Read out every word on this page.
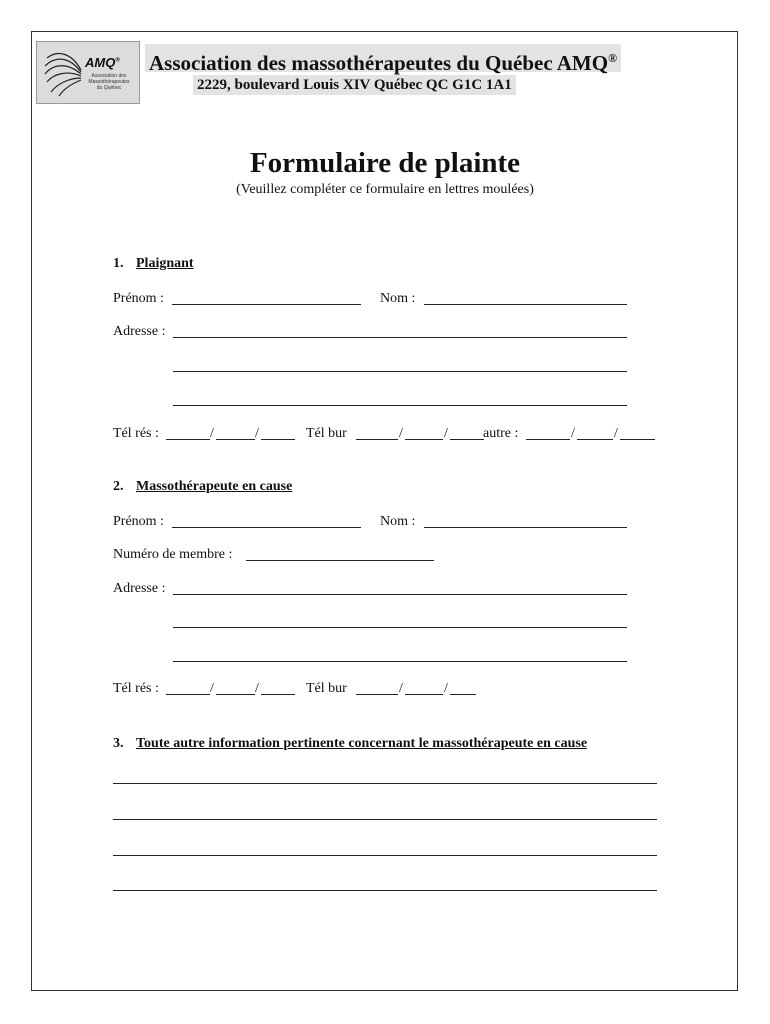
AMQ®
Association des
Massothérapeutes
du Québec
Association des massothérapeutes du Québec AMQ®
2229, boulevard Louis XIV Québec QC G1C 1A1
Formulaire de plainte
(Veuillez compléter ce formulaire en lettres moulées)
1. Plaignant
Prénom :	Nom :
Adresse :
Tél rés :	/	/	Tél bur	/	/	autre :	/	/
2. Massothérapeute en cause
Prénom :	Nom :
Numéro de membre :
Adresse :
Tél rés :	/	/	Tél bur	/	/
3. Toute autre information pertinente concernant le massothérapeute en cause
